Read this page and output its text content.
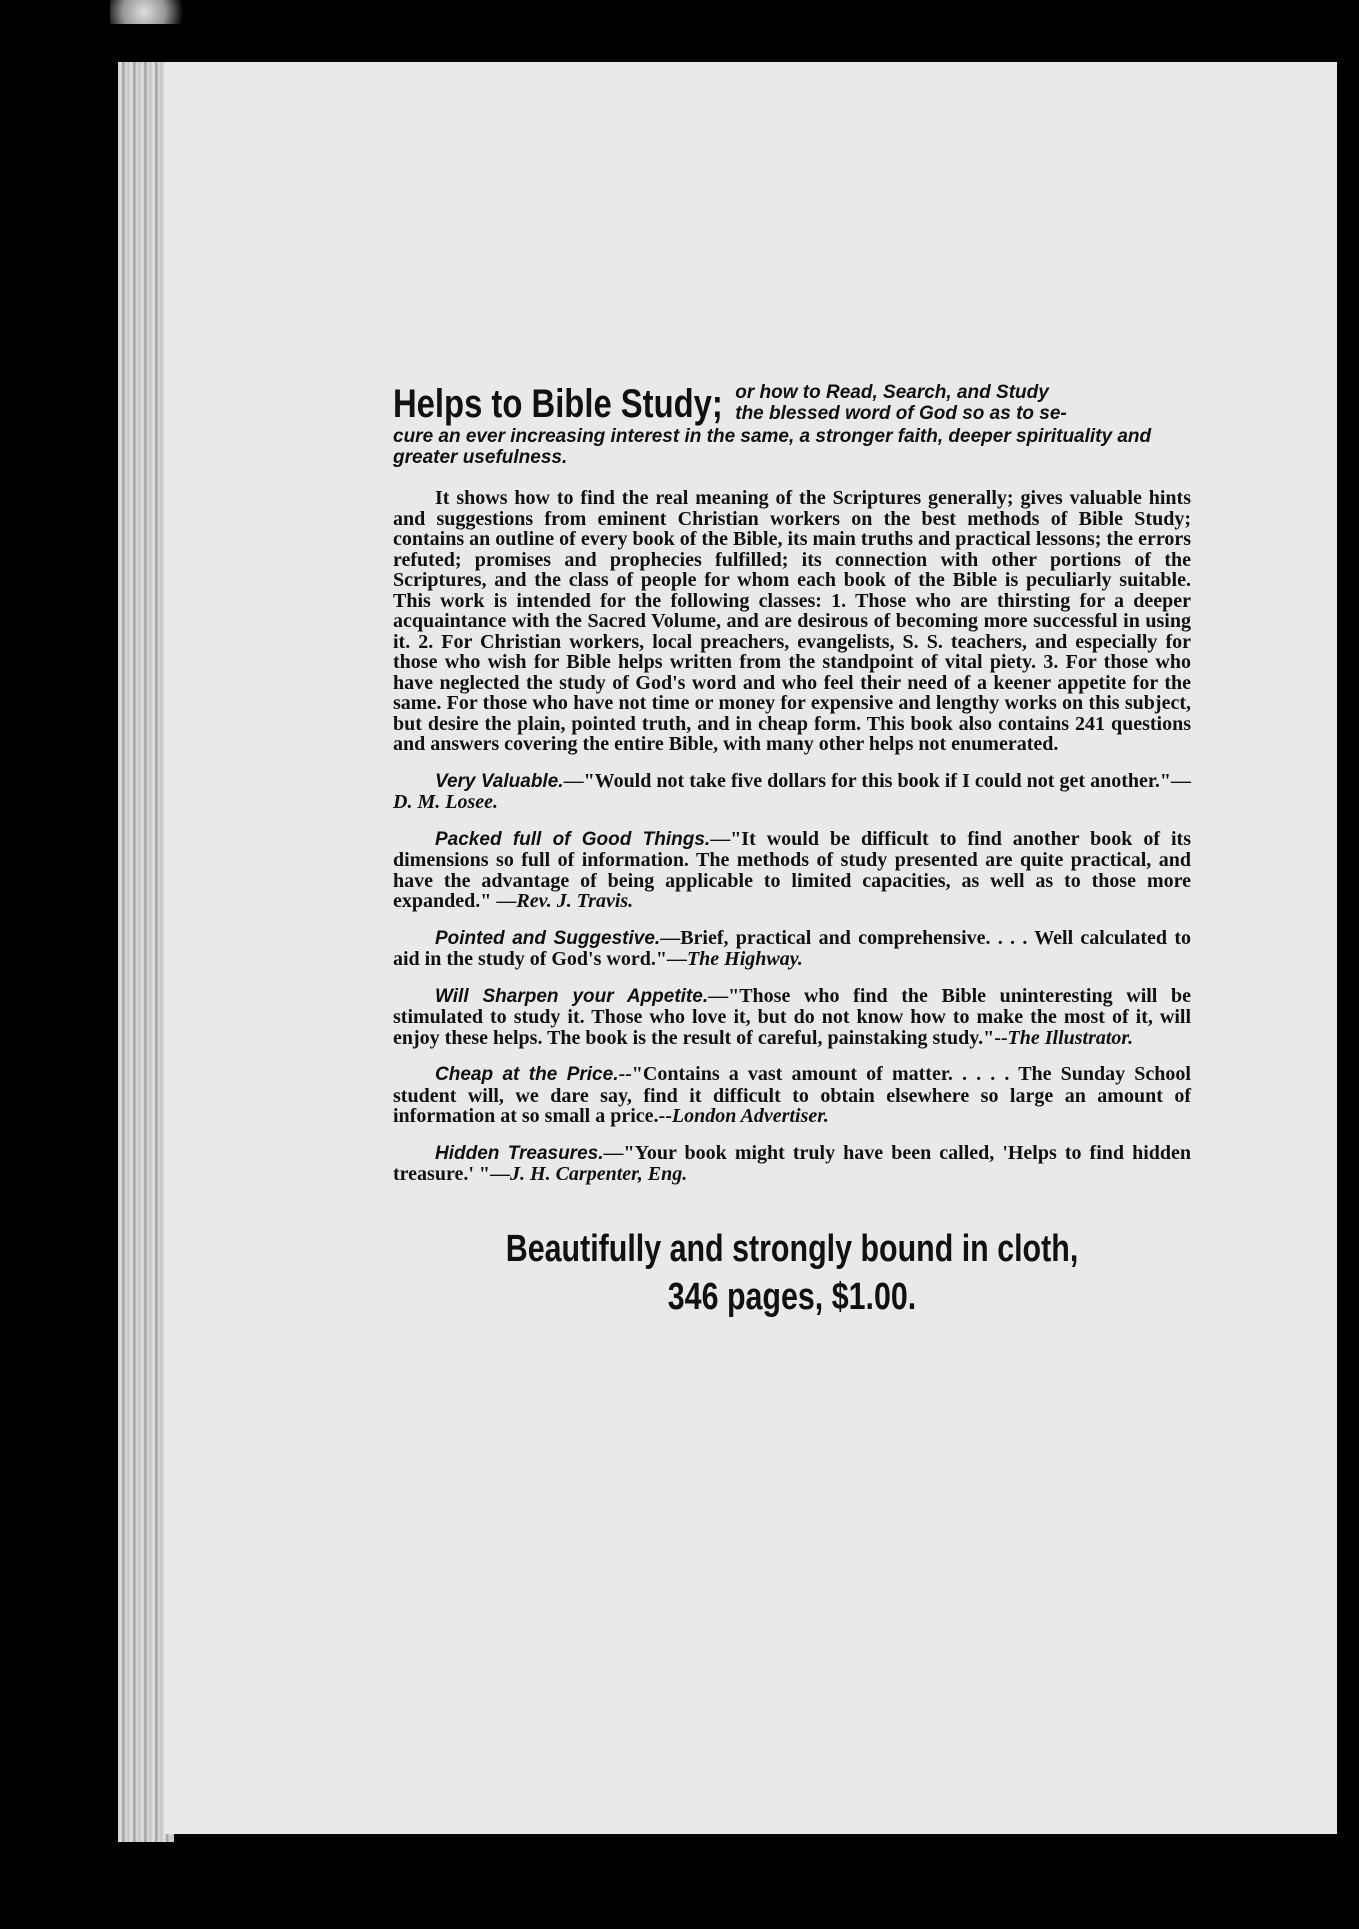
Helps to Bible Study; or how to Read, Search, and Study
the blessed word of God so as to se-
cure an ever increasing interest in the same, a stronger faith, deeper spirituality and greater usefulness.

It shows how to find the real meaning of the Scriptures generally; gives valuable hints and suggestions from eminent Christian workers on the best methods of Bible Study; contains an outline of every book of the Bible, its main truths and practical lessons; the errors refuted; promises and prophecies fulfilled; its connection with other portions of the Scriptures, and the class of people for whom each book of the Bible is peculiarly suitable. This work is intended for the following classes: 1. Those who are thirsting for a deeper acquaintance with the Sacred Volume, and are desirous of becoming more successful in using it. 2. For Christian workers, local preachers, evangelists, S. S. teachers, and especially for those who wish for Bible helps written from the standpoint of vital piety. 3. For those who have neglected the study of God's word and who feel their need of a keener appetite for the same. For those who have not time or money for expensive and lengthy works on this subject, but desire the plain, pointed truth, and in cheap form. This book also contains 241 questions and answers covering the entire Bible, with many other helps not enumerated.

Very Valuable.—"Would not take five dollars for this book if I could not get another."—D. M. Losee.

Packed full of Good Things.—"It would be difficult to find another book of its dimensions so full of information. The methods of study presented are quite practical, and have the advantage of being applicable to limited capacities, as well as to those more expanded." —Rev. J. Travis.

Pointed and Suggestive.—Brief, practical and comprehensive. . . . Well calculated to aid in the study of God's word."—The Highway.

Will Sharpen your Appetite.—"Those who find the Bible uninteresting will be stimulated to study it. Those who love it, but do not know how to make the most of it, will enjoy these helps. The book is the result of careful, painstaking study."--The Illustrator.

Cheap at the Price.--"Contains a vast amount of matter. . . . . The Sunday School student will, we dare say, find it difficult to obtain elsewhere so large an amount of information at so small a price.--London Advertiser.

Hidden Treasures.—"Your book might truly have been called, 'Helps to find hidden treasure.' "—J. H. Carpenter, Eng.

Beautifully and strongly bound in cloth,
346 pages, $1.00.
